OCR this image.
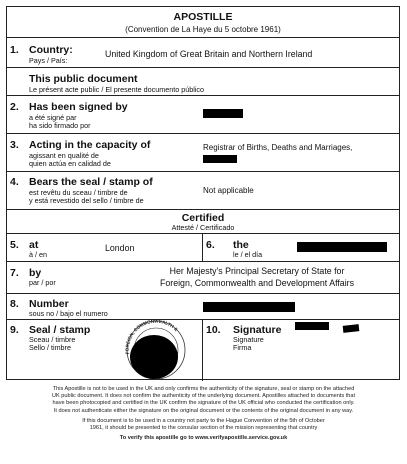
APOSTILLE
(Convention de La Haye du 5 octobre 1961)
1. Country:
Pays / País:
United Kingdom of Great Britain and Northern Ireland
This public document
Le présent acte public / El presente documento público
2. Has been signed by
a été signé par
ha sido firmado por
3. Acting in the capacity of
agissant en qualité de
quien actúa en calidad de
Registrar of Births, Deaths and Marriages,
4. Bears the seal / stamp of
est revêtu du sceau / timbre de
y está revestido del sello / timbre de
Not applicable
Certified
Attesté / Certificado
5. at
à / en
London	6. the
le / el día
7. by
par / por
Her Majesty's Principal Secretary of State for
Foreign, Commonwealth and Development Affairs
8. Number
sous no / bajo el numero
9. Seal / stamp
Sceau / timbre
Sello / timbre
FOREIGN, COMMONWEALTH &	10. Signature
Signature
Firma
This Apostille is not to be used in the UK and only confirms the authenticity of the signature, seal or stamp on the attached
UK public document. It does not confirm the authenticity of the underlying document. Apostilles attached to documents that
have been photocopied and certified in the UK confirm the signature of the UK official who conducted the certification only.
It does not authenticate either the signature on the original document or the contents of the original document in any way.
If this document is to be used in a country not party to the Hague Convention of the 5th of October
1961, it should be presented to the consular section of the mission representing that country
To verify this apostille go to www.verifyapostille.service.gov.uk
